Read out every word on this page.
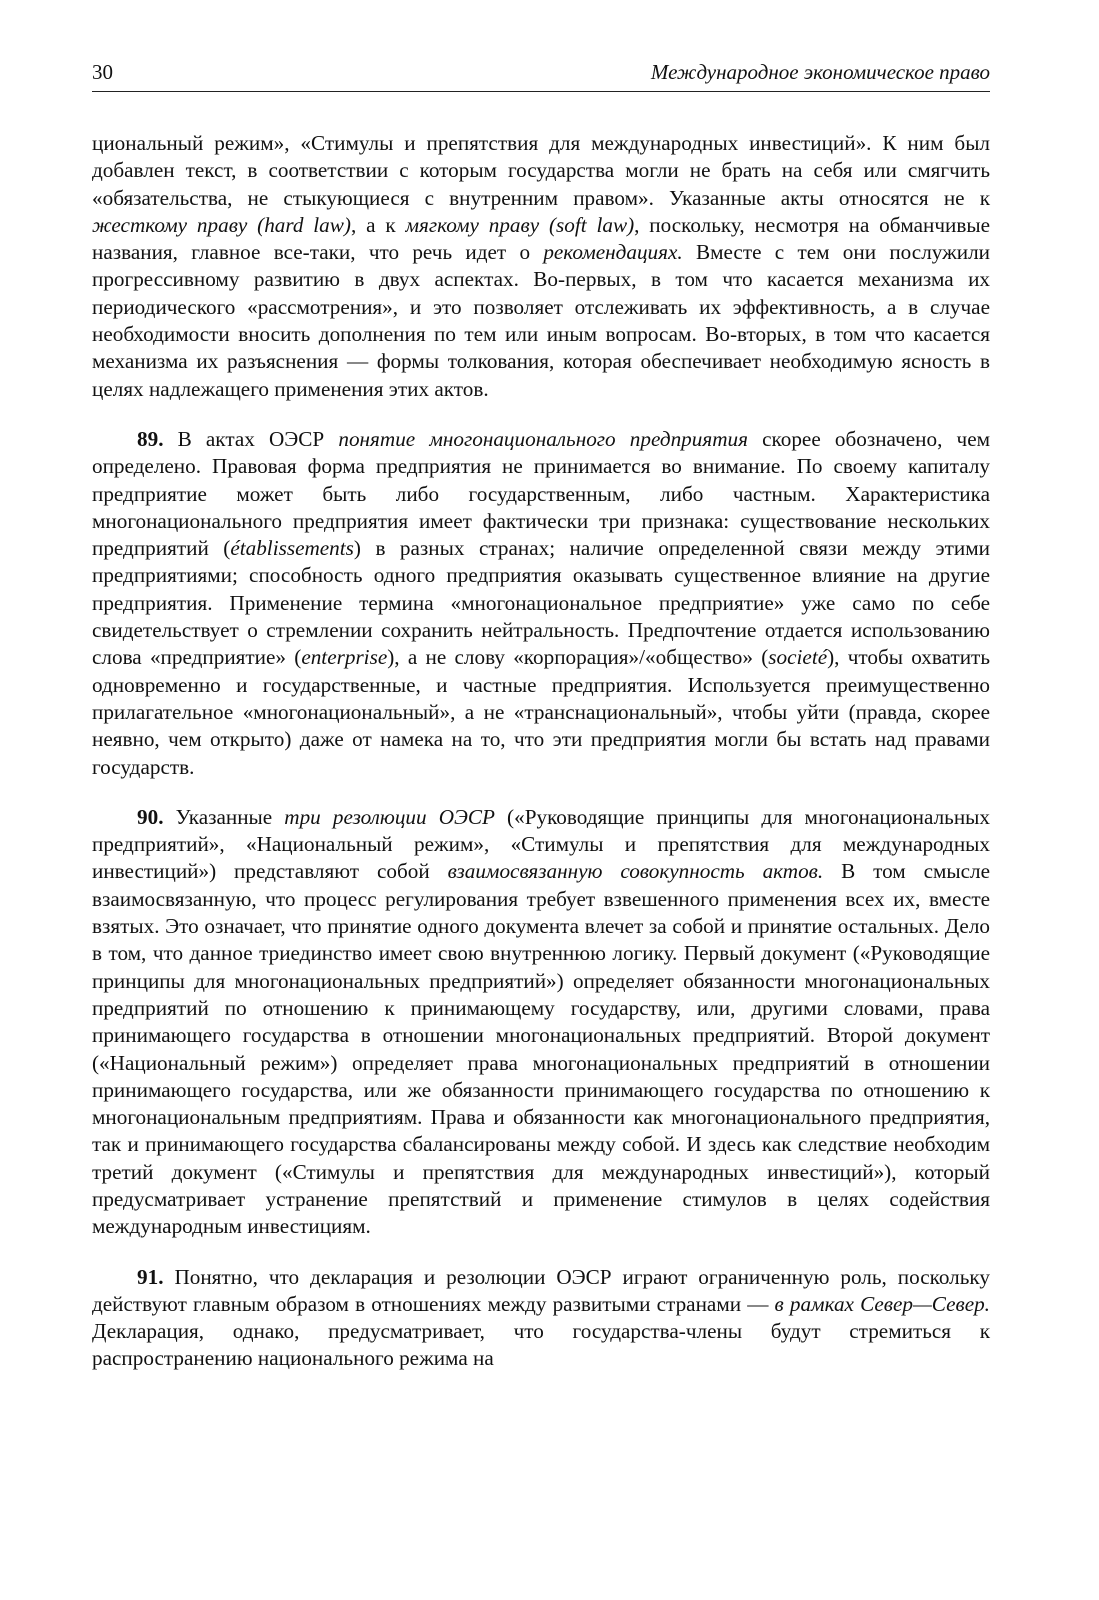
30	Международное экономическое право

циональный режим», «Стимулы и препятствия для международных инвестиций». К ним был добавлен текст, в соответствии с которым государства могли не брать на себя или смягчить «обязательства, не стыкующиеся с внутренним правом». Указанные акты относятся не к жесткому праву (hard law), а к мягкому праву (soft law), поскольку, несмотря на обманчивые названия, главное все-таки, что речь идет о рекомендациях. Вместе с тем они послужили прогрессивному развитию в двух аспектах. Во-первых, в том что касается механизма их периодического «рассмотрения», и это позволяет отслеживать их эффективность, а в случае необходимости вносить дополнения по тем или иным вопросам. Во-вторых, в том что касается механизма их разъяснения — формы толкования, которая обеспечивает необходимую ясность в целях надлежащего применения этих актов.

89. В актах ОЭСР понятие многонационального предприятия скорее обозначено, чем определено. Правовая форма предприятия не принимается во внимание. По своему капиталу предприятие может быть либо государственным, либо частным. Характеристика многонационального предприятия имеет фактически три признака: существование нескольких предприятий (établissements) в разных странах; наличие определенной связи между этими предприятиями; способность одного предприятия оказывать существенное влияние на другие предприятия. Применение термина «многонациональное предприятие» уже само по себе свидетельствует о стремлении сохранить нейтральность. Предпочтение отдается использованию слова «предприятие» (enterprise), а не слову «корпорация»/«общество» (societé), чтобы охватить одновременно и государственные, и частные предприятия. Используется преимущественно прилагательное «многонациональный», а не «транснациональный», чтобы уйти (правда, скорее неявно, чем открыто) даже от намека на то, что эти предприятия могли бы встать над правами государств.

90. Указанные три резолюции ОЭСР («Руководящие принципы для многонациональных предприятий», «Национальный режим», «Стимулы и препятствия для международных инвестиций») представляют собой взаимосвязанную совокупность актов. В том смысле взаимосвязанную, что процесс регулирования требует взвешенного применения всех их, вместе взятых. Это означает, что принятие одного документа влечет за собой и принятие остальных. Дело в том, что данное триединство имеет свою внутреннюю логику. Первый документ («Руководящие принципы для многонациональных предприятий») определяет обязанности многонациональных предприятий по отношению к принимающему государству, или, другими словами, права принимающего государства в отношении многонациональных предприятий. Второй документ («Национальный режим») определяет права многонациональных предприятий в отношении принимающего государства, или же обязанности принимающего государства по отношению к многонациональным предприятиям. Права и обязанности как многонационального предприятия, так и принимающего государства сбалансированы между собой. И здесь как следствие необходим третий документ («Стимулы и препятствия для международных инвестиций»), который предусматривает устранение препятствий и применение стимулов в целях содействия международным инвестициям.

91. Понятно, что декларация и резолюции ОЭСР играют ограниченную роль, поскольку действуют главным образом в отношениях между развитыми странами — в рамках Север—Север. Декларация, однако, предусматривает, что государства-члены будут стремиться к распространению национального режима на
